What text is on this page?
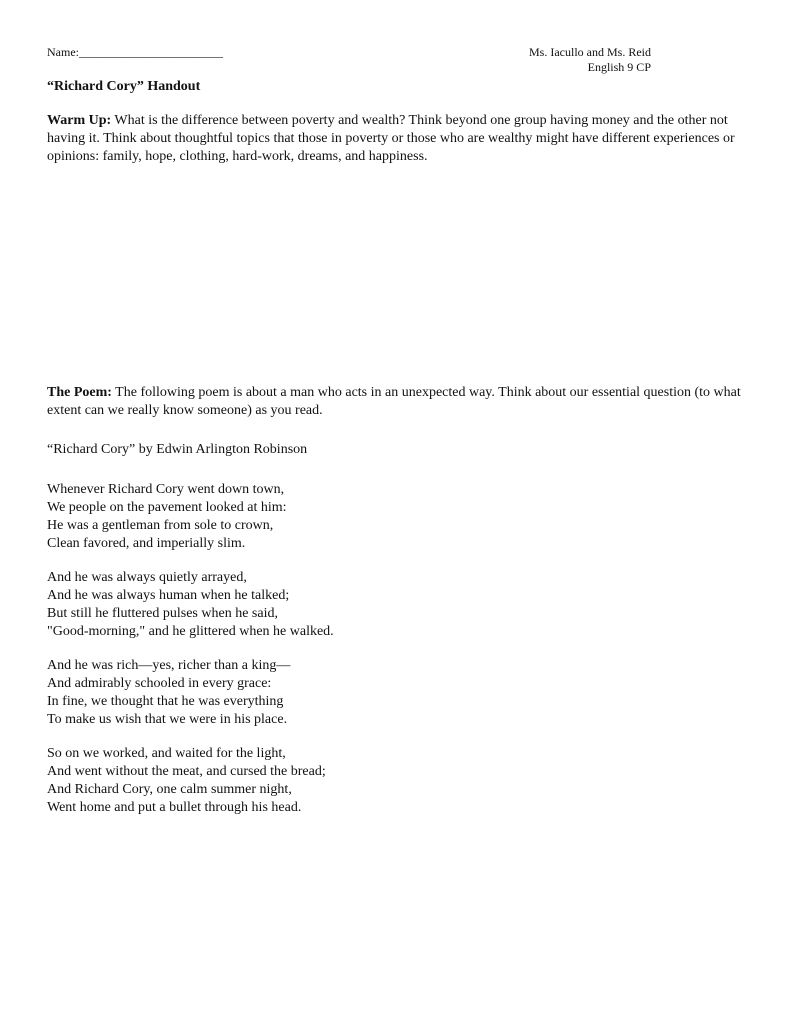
Name:________________________	Ms. Iacullo and Ms. Reid
English 9 CP
“Richard Cory” Handout
Warm Up: What is the difference between poverty and wealth? Think beyond one group having money and the other not having it. Think about thoughtful topics that those in poverty or those who are wealthy might have different experiences or opinions: family, hope, clothing, hard-work, dreams, and happiness.
The Poem: The following poem is about a man who acts in an unexpected way. Think about our essential question (to what extent can we really know someone) as you read.
“Richard Cory” by Edwin Arlington Robinson
Whenever Richard Cory went down town,
We people on the pavement looked at him:
He was a gentleman from sole to crown,
Clean favored, and imperially slim.
And he was always quietly arrayed,
And he was always human when he talked;
But still he fluttered pulses when he said,
"Good-morning," and he glittered when he walked.
And he was rich—yes, richer than a king—
And admirably schooled in every grace:
In fine, we thought that he was everything
To make us wish that we were in his place.
So on we worked, and waited for the light,
And went without the meat, and cursed the bread;
And Richard Cory, one calm summer night,
Went home and put a bullet through his head.
